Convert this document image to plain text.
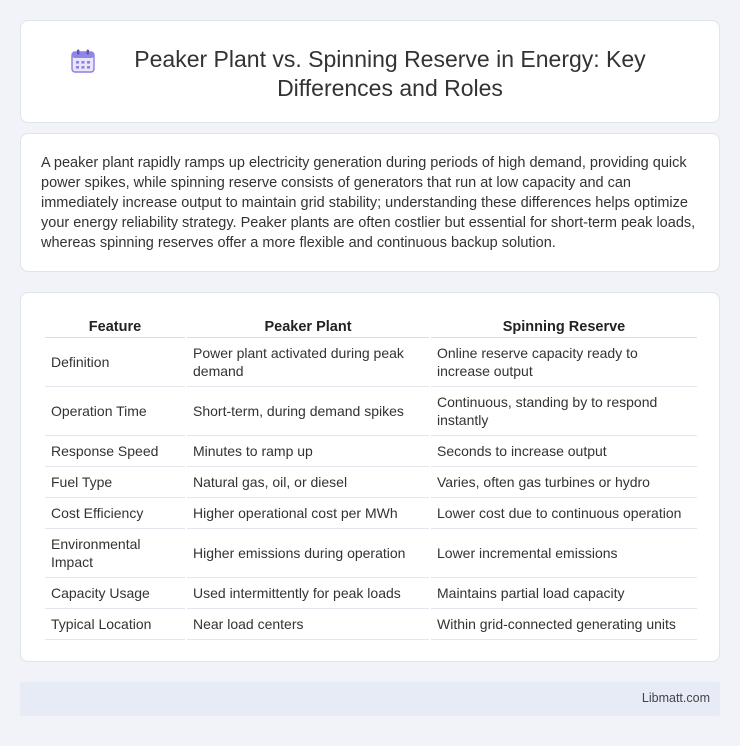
Peaker Plant vs. Spinning Reserve in Energy: Key Differences and Roles

A peaker plant rapidly ramps up electricity generation during periods of high demand, providing quick power spikes, while spinning reserve consists of generators that run at low capacity and can immediately increase output to maintain grid stability; understanding these differences helps optimize your energy reliability strategy. Peaker plants are often costlier but essential for short-term peak loads, whereas spinning reserves offer a more flexible and continuous backup solution.

Feature	Peaker Plant	Spinning Reserve
Definition	Power plant activated during peak demand	Online reserve capacity ready to increase output
Operation Time	Short-term, during demand spikes	Continuous, standing by to respond instantly
Response Speed	Minutes to ramp up	Seconds to increase output
Fuel Type	Natural gas, oil, or diesel	Varies, often gas turbines or hydro
Cost Efficiency	Higher operational cost per MWh	Lower cost due to continuous operation
Environmental Impact	Higher emissions during operation	Lower incremental emissions
Capacity Usage	Used intermittently for peak loads	Maintains partial load capacity
Typical Location	Near load centers	Within grid-connected generating units
Libmatt.com
